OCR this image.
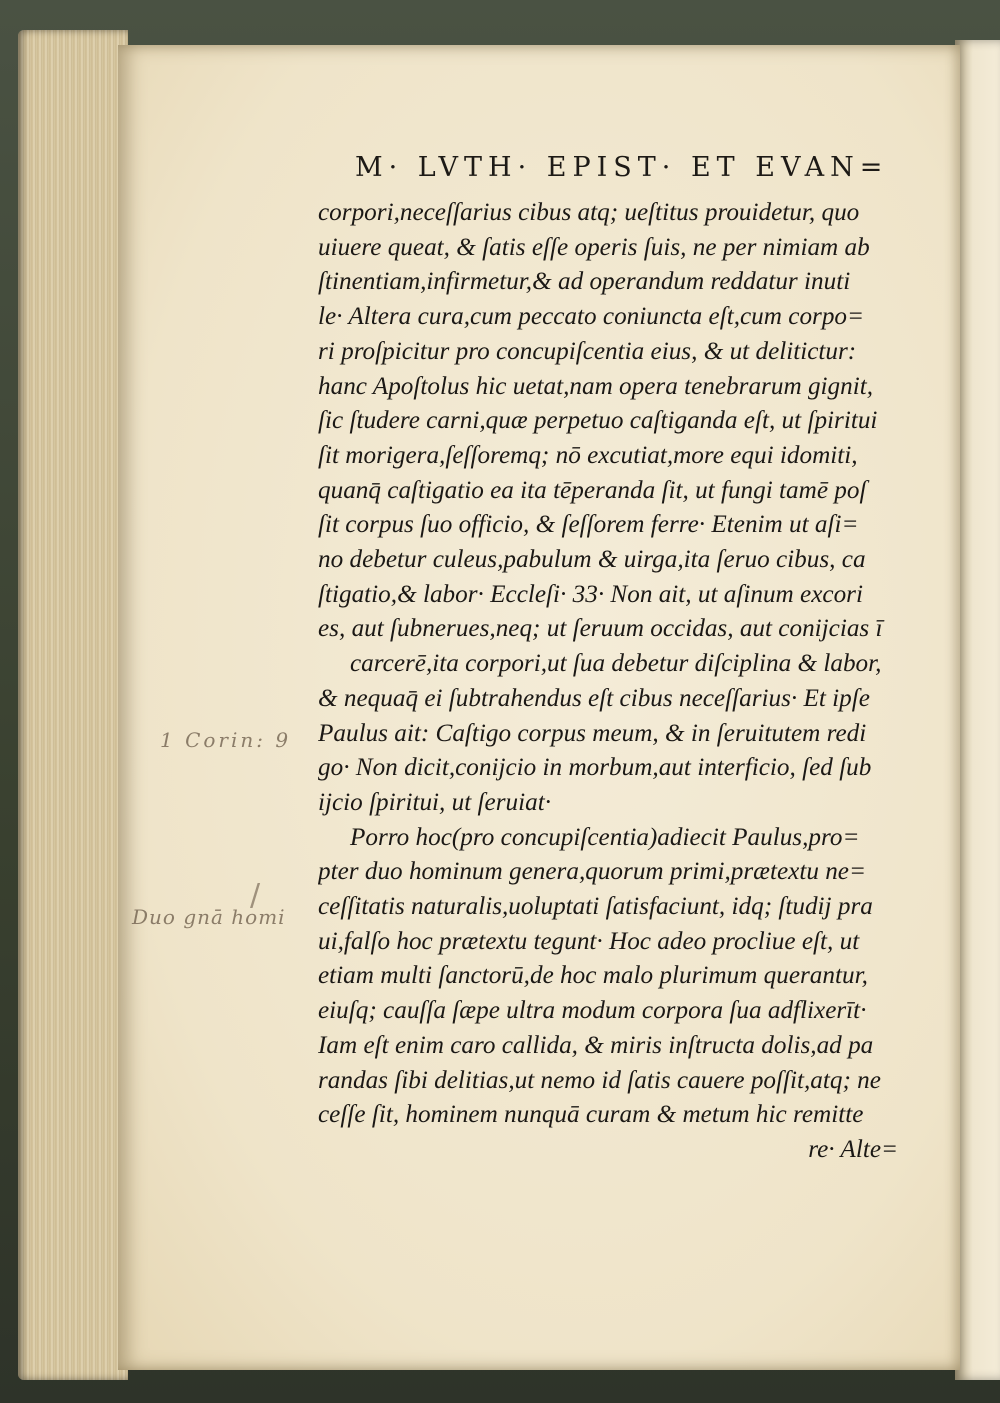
M· LVTH· EPIST· ET EVAN=
corpori,neceſſarius cibus atq; ueſtitus prouidetur, quo
uiuere queat, & ſatis eſſe operis ſuis, ne per nimiam ab
ſtinentiam,infirmetur,& ad operandum reddatur inuti
le· Altera cura,cum peccato coniuncta eſt,cum corpo=
ri proſpicitur pro concupiſcentia eius, & ut delitictur:
hanc Apoſtolus hic uetat,nam opera tenebrarum gignit,
ſic ſtudere carni,quæ perpetuo caſtiganda eſt, ut ſpiritui
ſit morigera,ſeſſoremq; nō excutiat,more equi idomiti,
quanq̄ caſtigatio ea ita tēperanda ſit, ut fungi tamē poſ
ſit corpus ſuo officio, & ſeſſorem ferre· Etenim ut aſi=
no debetur culeus,pabulum & uirga,ita ſeruo cibus, ca
ſtigatio,& labor· Eccleſi· 33· Non ait, ut aſinum excori
es, aut ſubnerues,neq; ut ſeruum occidas, aut conijcias ī
carcerē,ita corpori,ut ſua debetur diſciplina & labor,
& nequaq̄ ei ſubtrahendus eſt cibus neceſſarius· Et ipſe
Paulus ait: Caſtigo corpus meum, & in ſeruitutem redi
go· Non dicit,conijcio in morbum,aut interficio, ſed ſub
ijcio ſpiritui, ut ſeruiat·
Porro hoc(pro concupiſcentia)adiecit Paulus,pro=
pter duo hominum genera,quorum primi,prætextu ne=
ceſſitatis naturalis,uoluptati ſatisfaciunt, idq; ſtudij pra
ui,falſo hoc prætextu tegunt· Hoc adeo procliue eſt, ut
etiam multi ſanctorū,de hoc malo plurimum querantur,
eiuſq; cauſſa ſæpe ultra modum corpora ſua adflixerīt·
Iam eſt enim caro callida, & miris inſtructa dolis,ad pa
randas ſibi delitias,ut nemo id ſatis cauere poſſit,atq; ne
ceſſe ſit, hominem nunquā curam & metum hic remitte
re· Alte=
1 Corin: 9
/
Duo gnā homi
